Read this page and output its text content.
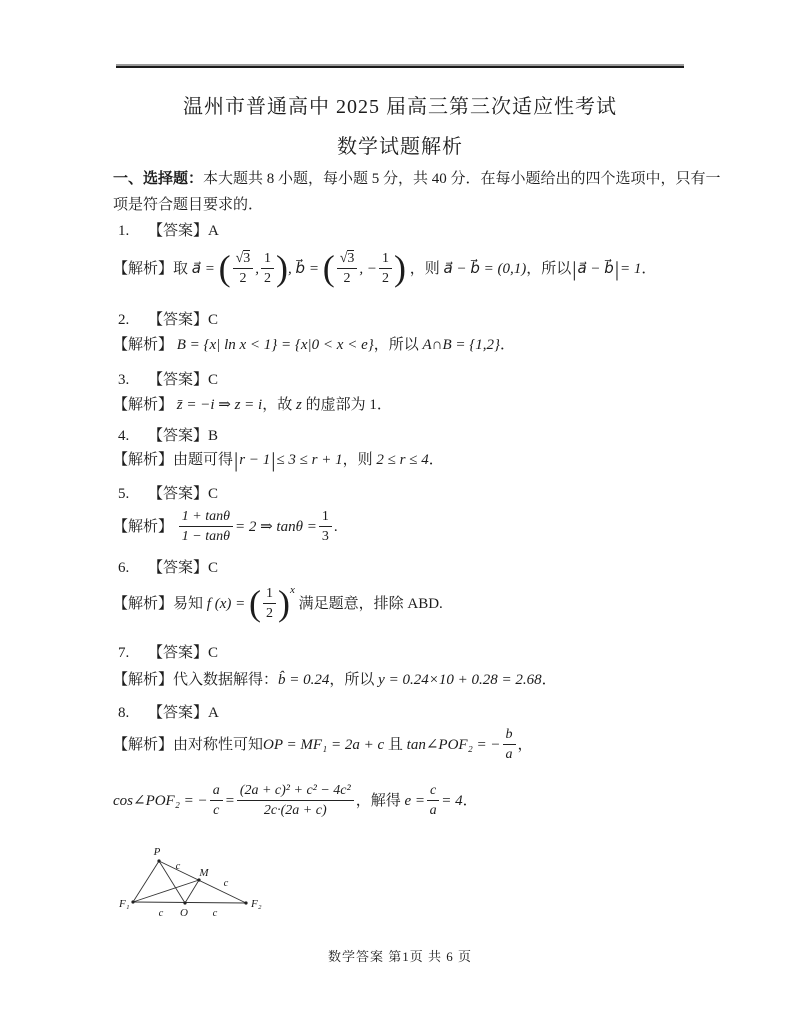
温州市普通高中 2025 届高三第三次适应性考试
数学试题解析
一、选择题：本大题共 8 小题，每小题 5 分，共 40 分．在每小题给出的四个选项中，只有一
项是符合题目要求的．
1. 【答案】A
【解析】取 a⃗ = ( $\frac{√3}{2}$ , $\frac{1}{2}$ ), b⃗ = ( $\frac{√3}{2}$ , − $\frac{1}{2}$ ) ，则 a⃗ − b⃗ = (0,1)，所以|a⃗ − b⃗|= 1．
2. 【答案】C
【解析】 B = {x| ln x < 1} = {x|0 < x < e}，所以 A∩B = {1,2}．
3. 【答案】C
【解析】 z̄ = −i ⇒ z = i，故 z 的虚部为 1．
4. 【答案】B
【解析】由题可得|r − 1|≤ 3 ≤ r + 1，则 2 ≤ r ≤ 4．
5. 【答案】C
【解析】 $\frac{1 + \tan\theta}{1 - \tan\theta} = 2$ ⇒ $\tan\theta = \frac{1}{3}$ .
6. 【答案】C
【解析】易知 f (x) = ( $\frac{1}{2} )x$ 满足题意，排除 ABD.
7. 【答案】C
【解析】代入数据解得：b̂ = 0.24，所以 y = 0.24×10 + 0.28 = 2.68．
8. 【答案】A
【解析】由对称性可知OP = MF₁ = 2a + c 且 tan∠POF₂ = − $\frac{b}{a}$ ，
cos∠POF₂ = − $\frac{a}{c} = \frac{\text{(2a + c)² + c² − 4c²}}{2c\cdot(2a + c)}$ ，解得 $e = \frac{c}{a} = 4$．
P
M
F₁
O
F₂
c
c
c	c
数学答案 第1页 共 6 页
